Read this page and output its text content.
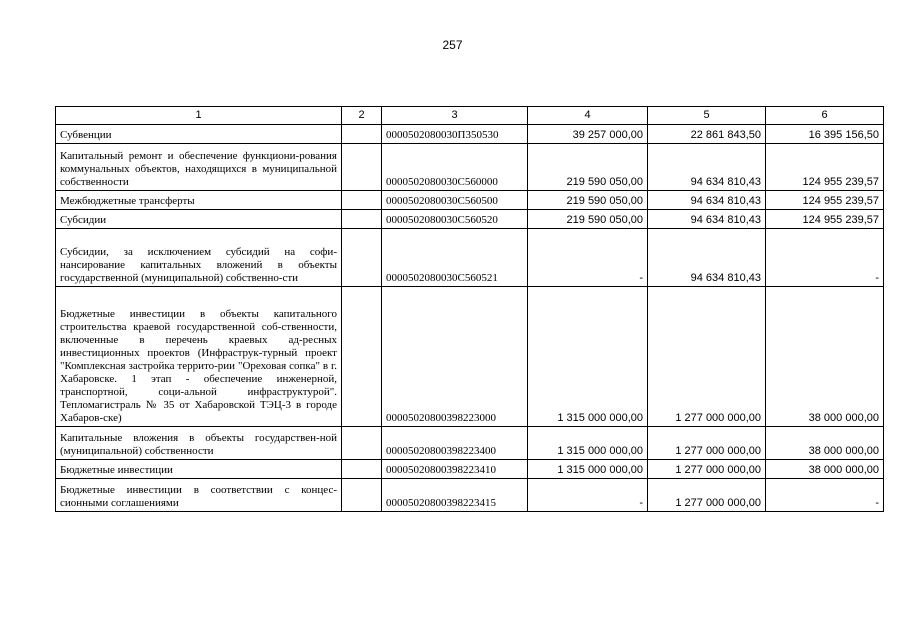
257
1	2	3	4	5	6
Субвенции		0000502080030П350530	39 257 000,00	22 861 843,50	16 395 156,50
Капитальный ремонт и обеспечение функциони-рования коммунальных объектов, находящихся в муниципальной собственности		0000502080030С560000	219 590 050,00	94 634 810,43	124 955 239,57
Межбюджетные трансферты		0000502080030С560500	219 590 050,00	94 634 810,43	124 955 239,57
Субсидии		0000502080030С560520	219 590 050,00	94 634 810,43	124 955 239,57
Субсидии, за исключением субсидий на софи-нансирование капитальных вложений в объекты государственной (муниципальной) собственно-сти		0000502080030С560521	-	94 634 810,43	-
Бюджетные инвестиции в объекты капитального строительства краевой государственной соб-ственности, включенные в перечень краевых ад-ресных инвестиционных проектов (Инфраструк-турный проект "Комплексная застройка террито-рии "Ореховая сопка" в г. Хабаровске. 1 этап - обеспечение инженерной, транспортной, соци-альной инфраструктурой". Тепломагистраль № 35 от Хабаровской ТЭЦ-3 в городе Хабаров-ске)		00005020800398223000	1 315 000 000,00	1 277 000 000,00	38 000 000,00
Капитальные вложения в объекты государствен-ной (муниципальной) собственности		00005020800398223400	1 315 000 000,00	1 277 000 000,00	38 000 000,00
Бюджетные инвестиции		00005020800398223410	1 315 000 000,00	1 277 000 000,00	38 000 000,00
Бюджетные инвестиции в соответствии с концес-сионными соглашениями		00005020800398223415	-	1 277 000 000,00	-
